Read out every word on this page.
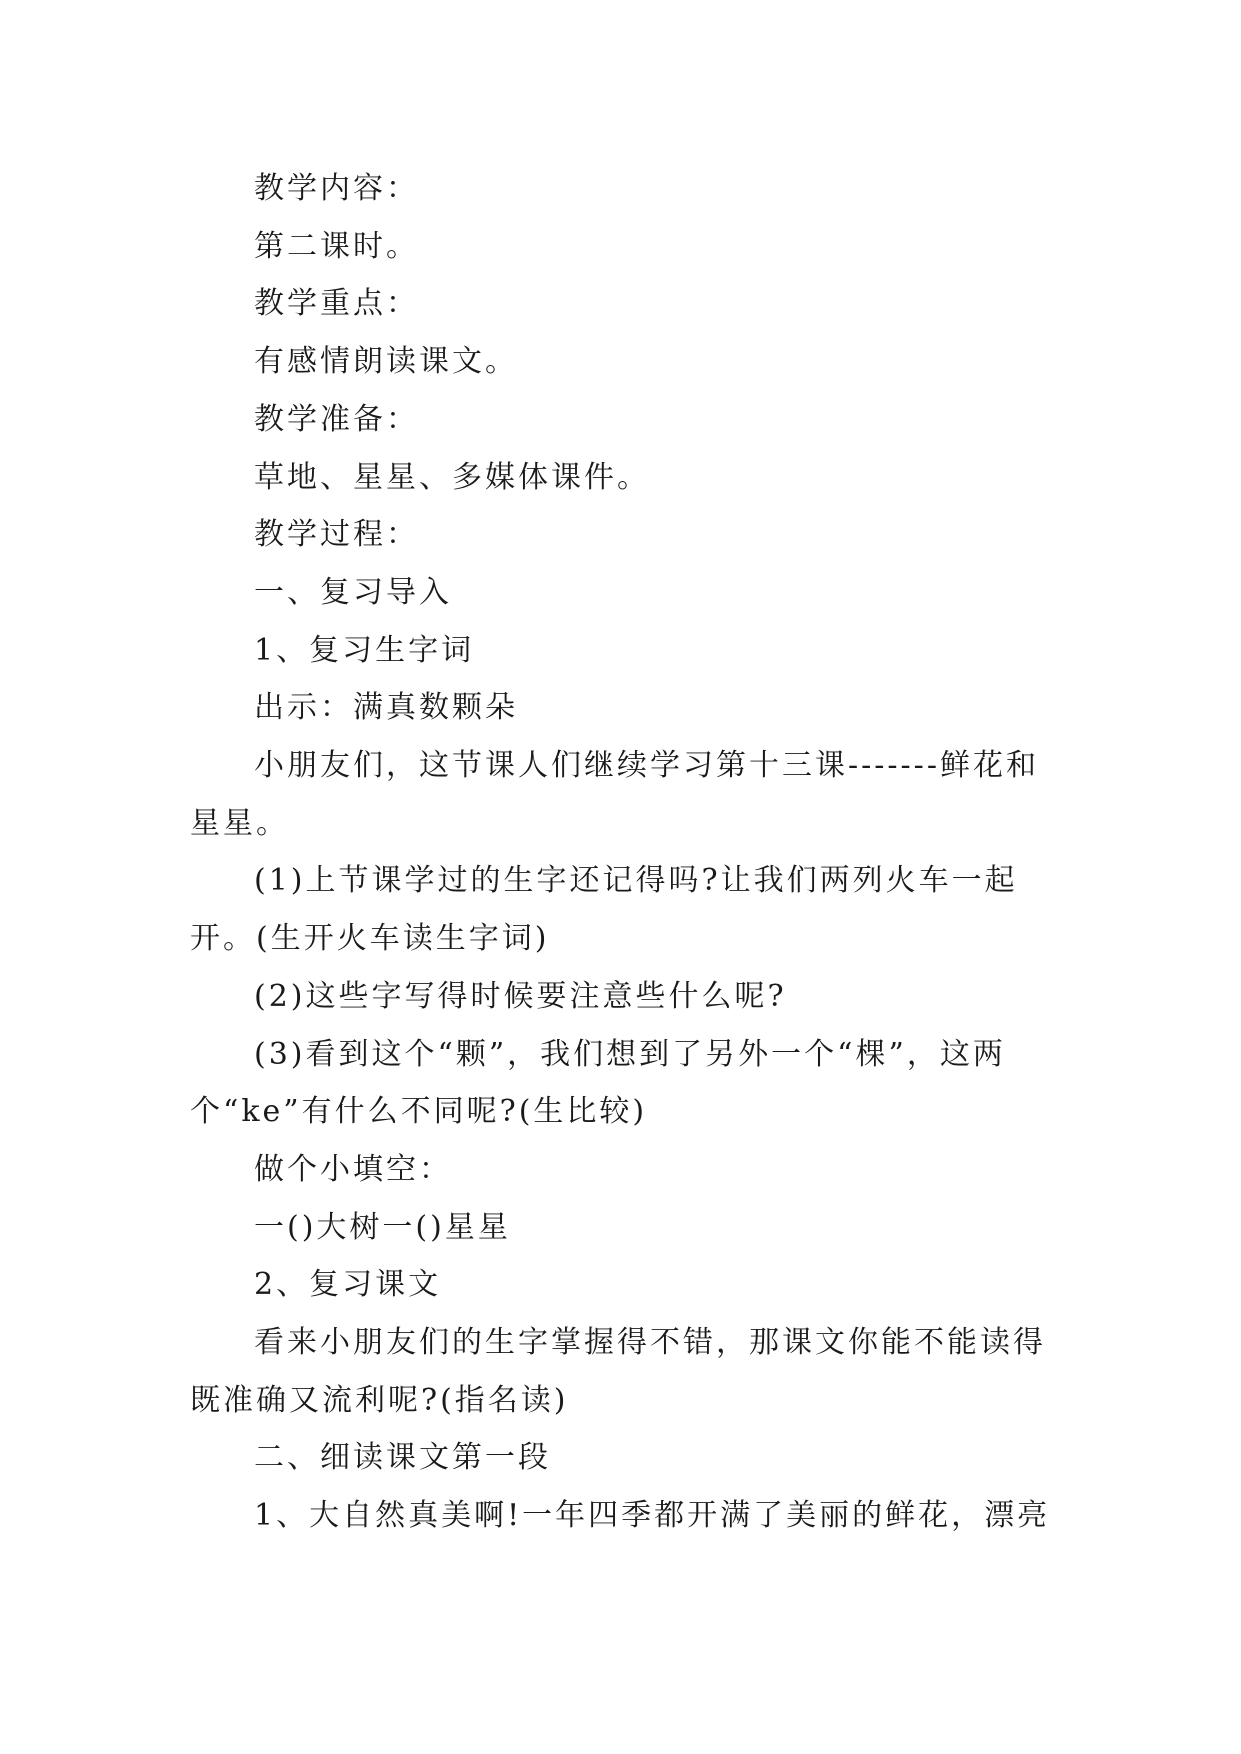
教学内容：

第二课时。

教学重点：

有感情朗读课文。

教学准备：

草地、星星、多媒体课件。

教学过程：

一、复习导入

1、复习生字词

出示：满真数颗朵

小朋友们，这节课人们继续学习第十三课-------鲜花和星星。

(1)上节课学过的生字还记得吗?让我们两列火车一起开。(生开火车读生字词)

(2)这些字写得时候要注意些什么呢?

(3)看到这个“颗”，我们想到了另外一个“棵”，这两个“ke”有什么不同呢?(生比较)

做个小填空：

一()大树一()星星

2、复习课文

看来小朋友们的生字掌握得不错，那课文你能不能读得既准确又流利呢?(指名读)

二、细读课文第一段

1、大自然真美啊!一年四季都开满了美丽的鲜花，漂亮
